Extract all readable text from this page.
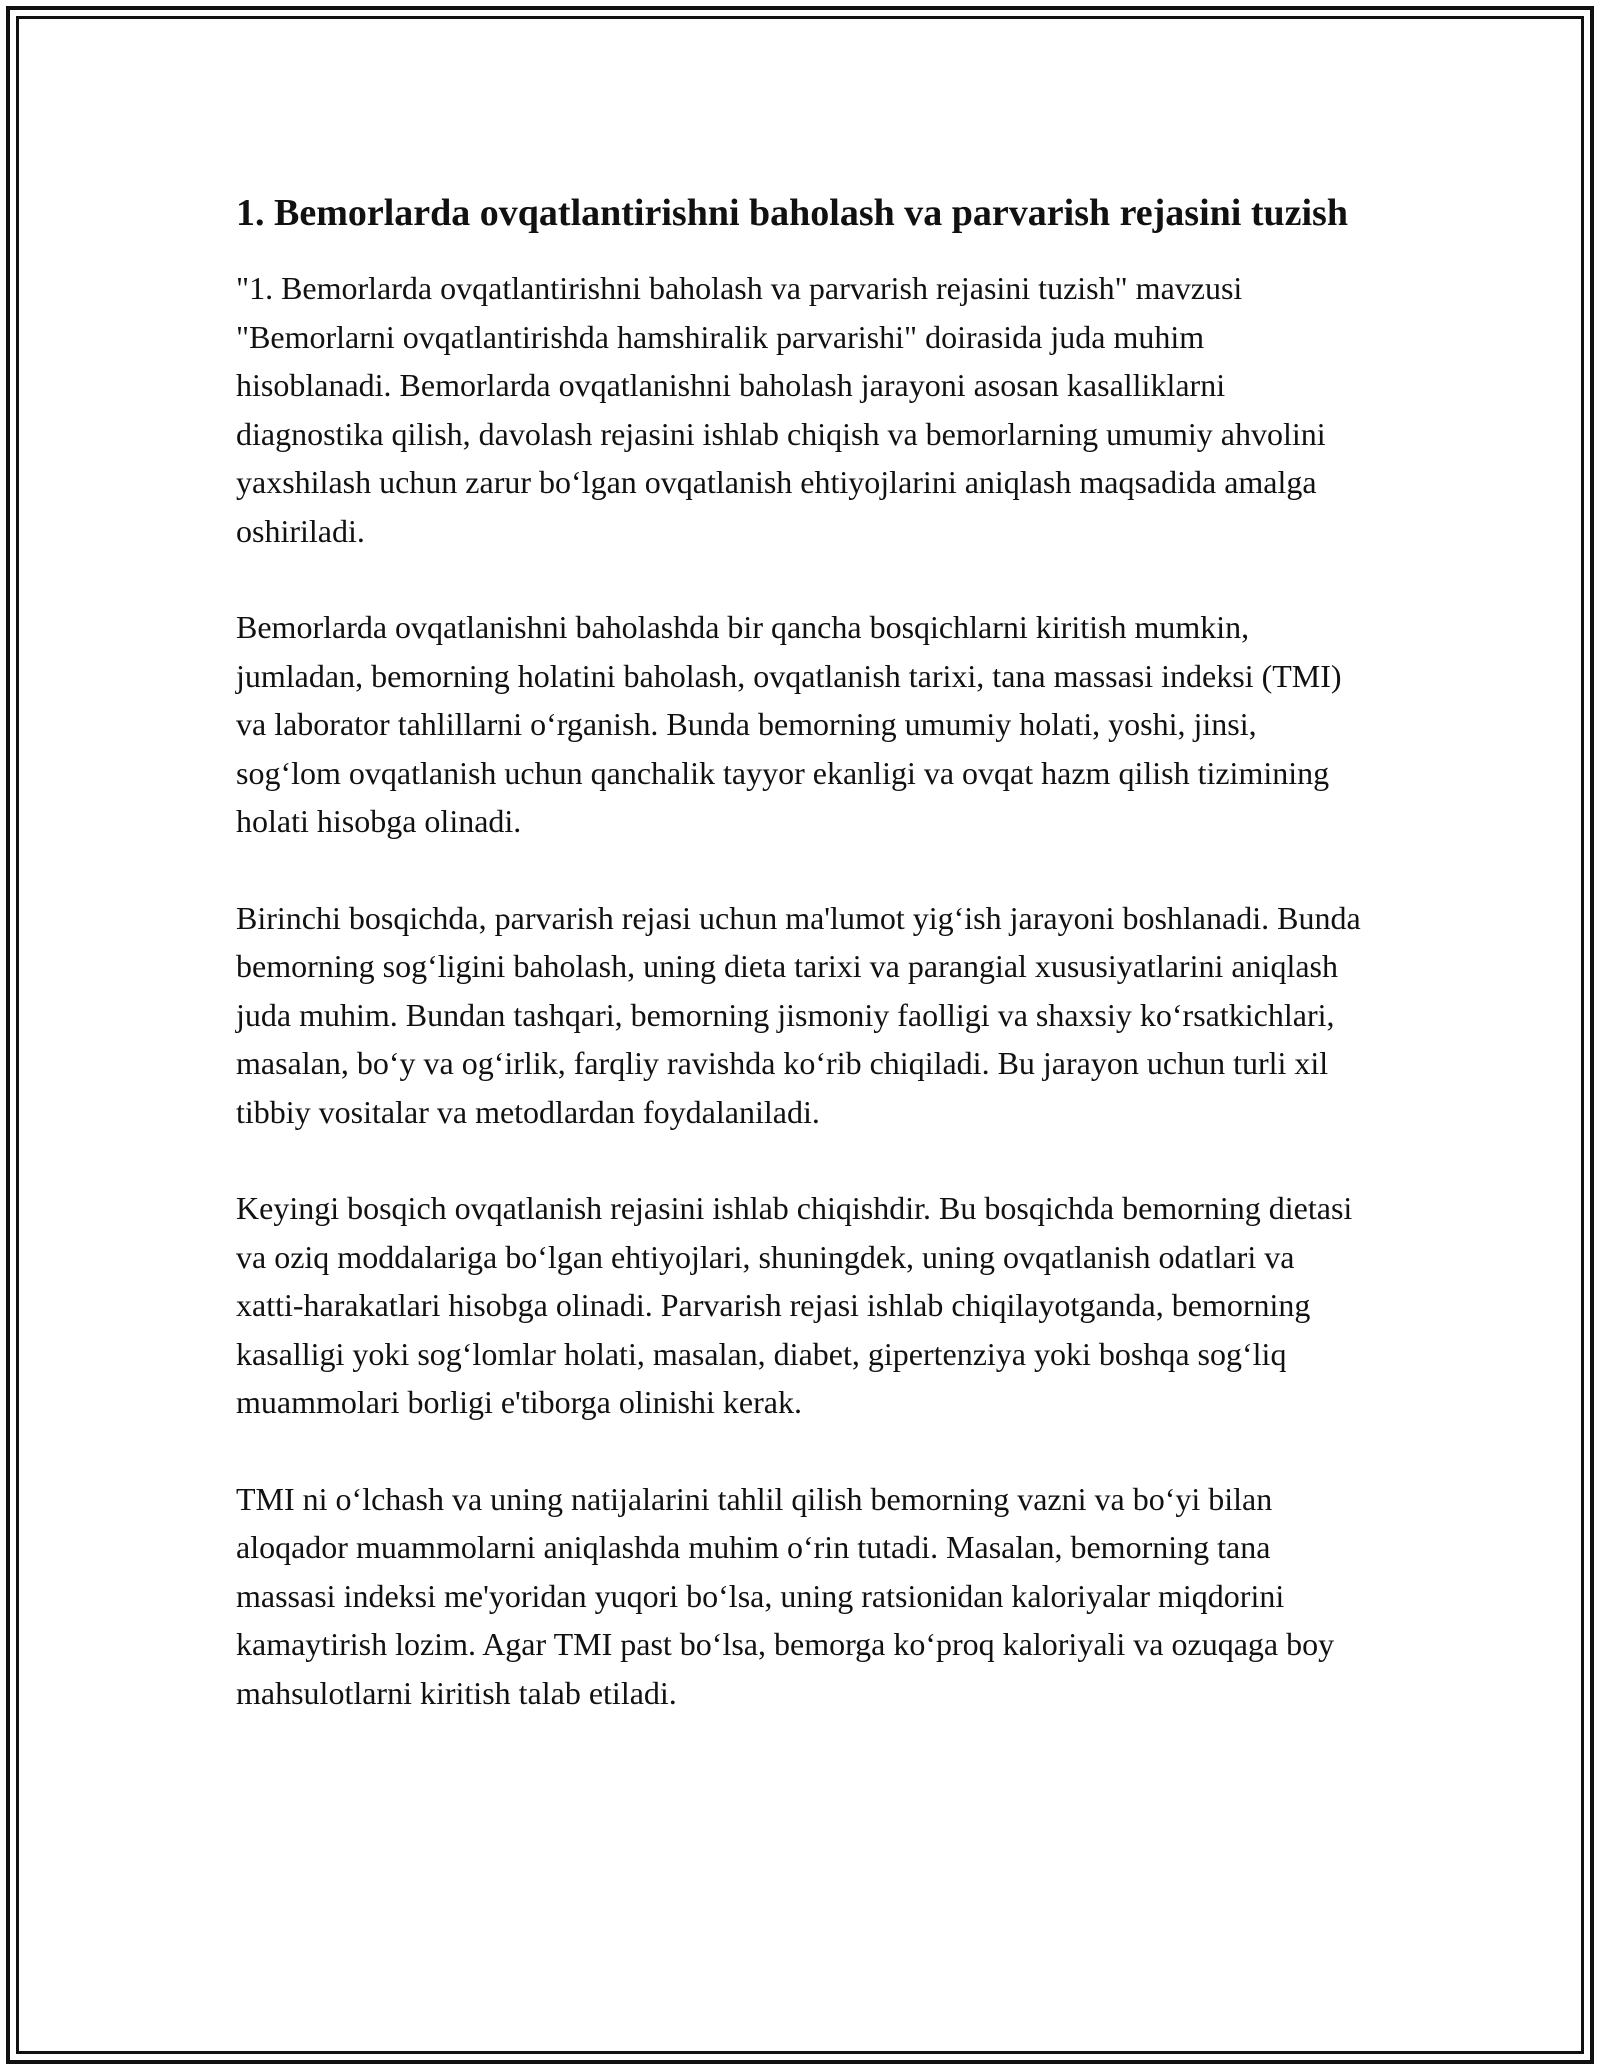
1. Bemorlarda ovqatlantirishni baholash va parvarish rejasini tuzish

"1. Bemorlarda ovqatlantirishni baholash va parvarish rejasini tuzish" mavzusi "Bemorlarni ovqatlantirishda hamshiralik parvarishi" doirasida juda muhim hisoblanadi. Bemorlarda ovqatlanishni baholash jarayoni asosan kasalliklarni diagnostika qilish, davolash rejasini ishlab chiqish va bemorlarning umumiy ahvolini yaxshilash uchun zarur bo‘lgan ovqatlanish ehtiyojlarini aniqlash maqsadida amalga oshiriladi.

Bemorlarda ovqatlanishni baholashda bir qancha bosqichlarni kiritish mumkin, jumladan, bemorning holatini baholash, ovqatlanish tarixi, tana massasi indeksi (TMI) va laborator tahlillarni o‘rganish. Bunda bemorning umumiy holati, yoshi, jinsi, sog‘lom ovqatlanish uchun qanchalik tayyor ekanligi va ovqat hazm qilish tizimining holati hisobga olinadi.

Birinchi bosqichda, parvarish rejasi uchun ma'lumot yig‘ish jarayoni boshlanadi. Bunda bemorning sog‘ligini baholash, uning dieta tarixi va parangial xususiyatlarini aniqlash juda muhim. Bundan tashqari, bemorning jismoniy faolligi va shaxsiy ko‘rsatkichlari, masalan, bo‘y va og‘irlik, farqliy ravishda ko‘rib chiqiladi. Bu jarayon uchun turli xil tibbiy vositalar va metodlardan foydalaniladi.

Keyingi bosqich ovqatlanish rejasini ishlab chiqishdir. Bu bosqichda bemorning dietasi va oziq moddalariga bo‘lgan ehtiyojlari, shuningdek, uning ovqatlanish odatlari va xatti-harakatlari hisobga olinadi. Parvarish rejasi ishlab chiqilayotganda, bemorning kasalligi yoki sog‘lomlar holati, masalan, diabet, gipertenziya yoki boshqa sog‘liq muammolari borligi e'tiborga olinishi kerak.

TMI ni o‘lchash va uning natijalarini tahlil qilish bemorning vazni va bo‘yi bilan aloqador muammolarni aniqlashda muhim o‘rin tutadi. Masalan, bemorning tana massasi indeksi me'yoridan yuqori bo‘lsa, uning ratsionidan kaloriyalar miqdorini kamaytirish lozim. Agar TMI past bo‘lsa, bemorga ko‘proq kaloriyali va ozuqaga boy mahsulotlarni kiritish talab etiladi.
